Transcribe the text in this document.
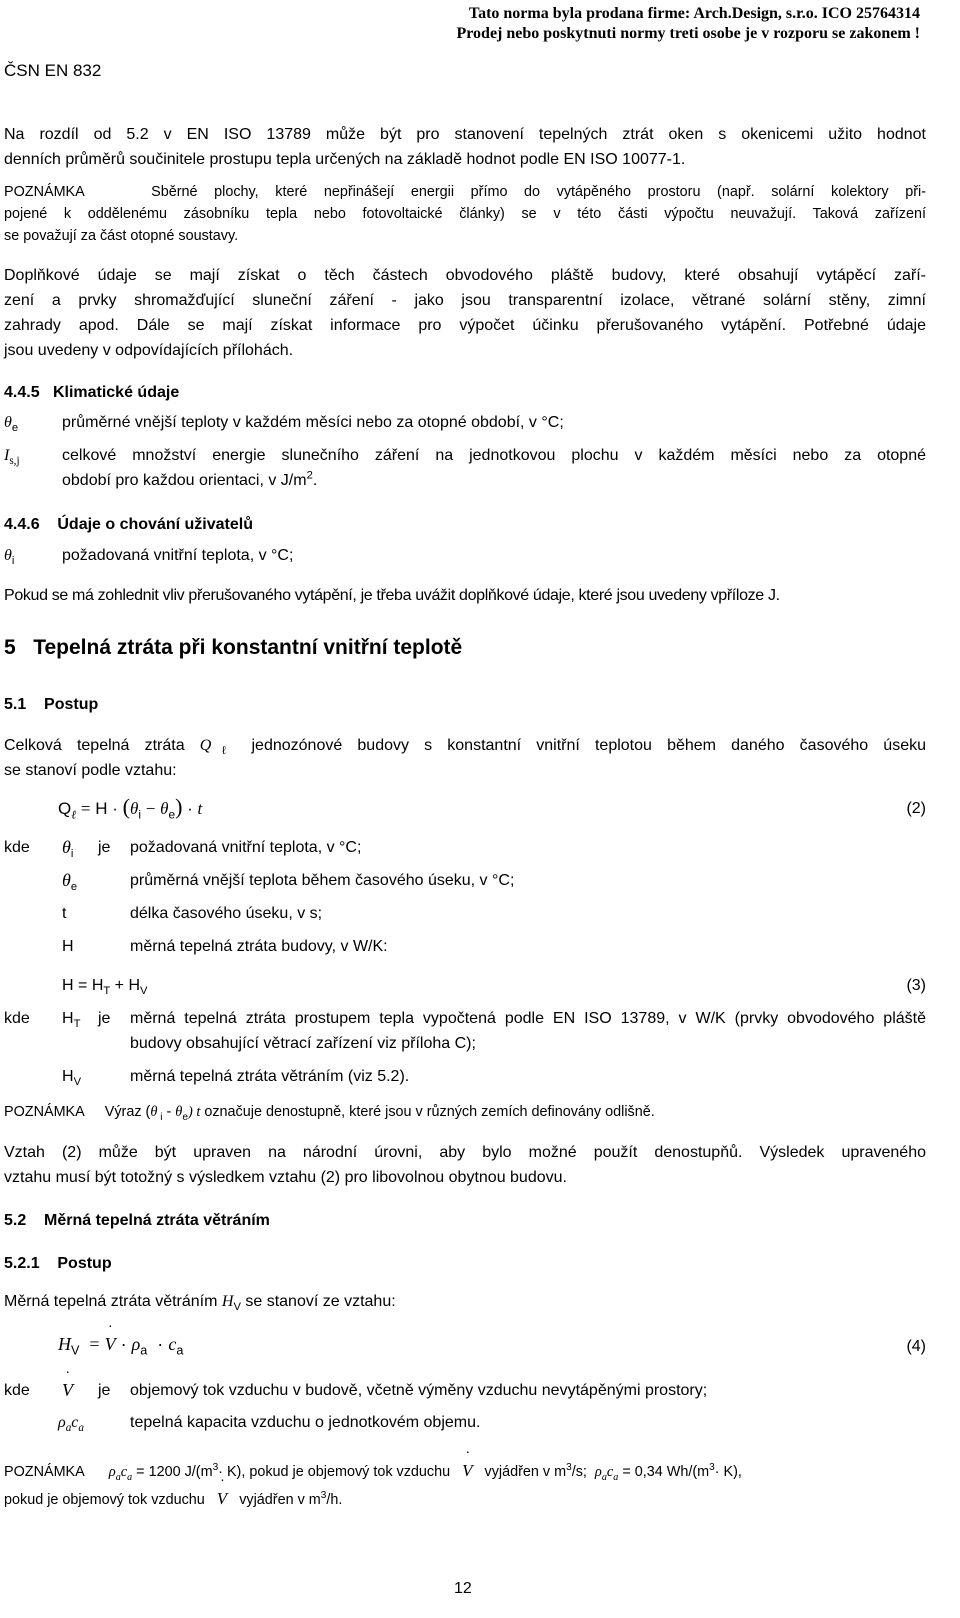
Tato norma byla prodana firme: Arch.Design, s.r.o. ICO 25764314
Prodej nebo poskytnuti normy treti osobe je v rozporu se zakonem !
ČSN EN 832
Na rozdíl od 5.2 v EN ISO 13789 může být pro stanovení tepelných ztrát oken s okenicemi užito hodnot
denních průměrů součinitele prostupu tepla určených na základě hodnot podle EN ISO 10077-1.
POZNÁMKA	Sběrné plochy, které nepřinášejí energii přímo do vytápěného prostoru (např. solární kolektory při-
pojené k oddělenému zásobníku tepla nebo fotovoltaické články) se v této části výpočtu neuvažují. Taková zařízení
se považují za část otopné soustavy.
Doplňkové údaje se mají získat o těch částech obvodového pláště budovy, které obsahují vytápěcí zaří-
zení a prvky shromažďující sluneční záření - jako jsou transparentní izolace, větrané solární stěny, zimní
zahrady apod. Dále se mají získat informace pro výpočet účinku přerušovaného vytápění. Potřebné údaje
jsou uvedeny v odpovídajících přílohách.
4.4.5 Klimatické údaje
$\theta_e$	průměrné vnější teploty v každém měsíci nebo za otopné období, v °C;
$I_{s,j}$	celkové množství energie slunečního záření na jednotkovou plochu v každém měsíci nebo za otopné
období pro každou orientaci, v $J/m^2$.
4.4.6 Údaje o chování uživatelů
$\theta_i$	požadovaná vnitřní teplota, v °C;
Pokud se má zohlednit vliv přerušovaného vytápění, je třeba uvážit doplňkové údaje, které jsou uvedeny vpříloze J.
5 Tepelná ztráta při konstantní vnitřní teplotě
5.1 Postup
Celková tepelná ztráta $Q_\ell$ jednozónové budovy s konstantní vnitřní teplotou během daného časového úseku
se stanoví podle vztahu:
$Q_\ell = H \cdot (\theta_i - \theta_e) \cdot t$	(2)
kde $\theta_i$ je požadovaná vnitřní teplota, v °C;
$\theta_e$	průměrná vnější teplota během časového úseku, v °C;
t	délka časového úseku, v s;
H	měrná tepelná ztráta budovy, v W/K:
$H = H_T + H_V$	(3)
kde $H_T$ je měrná tepelná ztráta prostupem tepla vypočtená podle EN ISO 13789, v W/K (prvky obvodového pláště
budovy obsahující větrací zařízení viz příloha C);
$H_V$	měrná tepelná ztráta větráním (viz 5.2).
POZNÁMKA Výraz (θ $_i - \theta_e$) t označuje denostupně, které jsou v různých zemích definovány odlišně.
Vztah (2) může být upraven na národní úrovni, aby bylo možné použít denostupňů. Výsledek upraveného
vztahu musí být totožný s výsledkem vztahu (2) pro libovolnou obytnou budovu.
5.2 Měrná tepelná ztráta větráním
5.2.1 Postup
Měrná tepelná ztráta větráním $H_V$ se stanoví ze vztahu:
$H_V$ = ˙ $V \cdot \rho_a \cdot c_a$	(4)
kde ˙ V je objemový tok vzduchu v budově, včetně výměny vzduchu nevytápěnými prostory;
$\rho_ac_a$	tepelná kapacita vzduchu o jednotkovém objemu.
POZNÁMKA $\rho_ac_a = 1200$ $J/(m^3\cdot K)$, pokud je objemový tok vzduchu ˙ V vyjádřen v $m^3/s$; $\rho_ac_a = 0,34$ $Wh/(m^3\cdot K)$,
pokud je objemový tok vzduchu ˙ V vyjádřen v $m^3/h$.
12
